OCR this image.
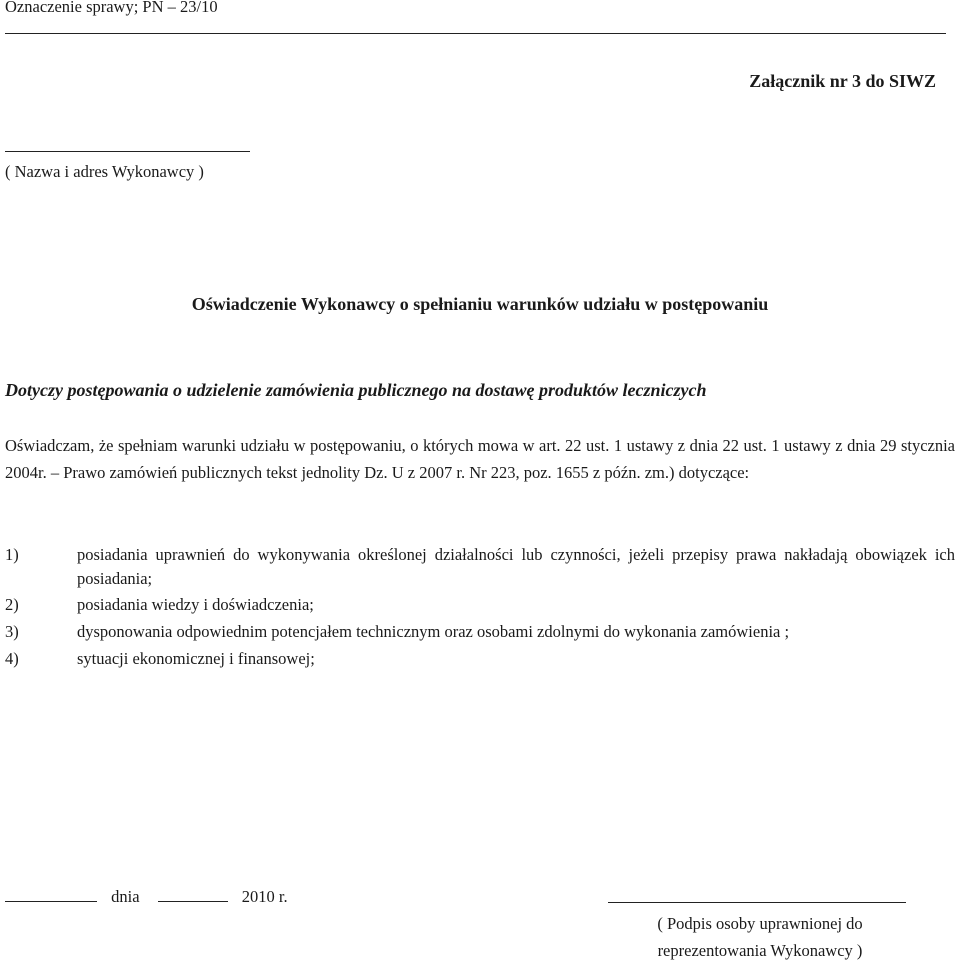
Oznaczenie sprawy; PN – 23/10
Załącznik nr 3 do SIWZ
( Nazwa i adres Wykonawcy )
Oświadczenie Wykonawcy o spełnianiu warunków udziału w postępowaniu
Dotyczy postępowania o udzielenie zamówienia publicznego na dostawę produktów leczniczych
Oświadczam, że spełniam warunki udziału w postępowaniu, o których mowa w art. 22 ust. 1 ustawy z dnia 22 ust. 1 ustawy z dnia 29 stycznia 2004r. – Prawo zamówień publicznych tekst jednolity Dz. U z 2007 r. Nr 223, poz. 1655 z późn. zm.) dotyczące:
1)	posiadania uprawnień do wykonywania określonej działalności lub czynności, jeżeli przepisy prawa nakładają obowiązek ich posiadania;
2)	posiadania wiedzy i doświadczenia;
3)	dysponowania odpowiednim potencjałem technicznym oraz osobami zdolnymi do wykonania zamówienia ;
4)	sytuacji ekonomicznej i finansowej;
dnia	2010 r.
( Podpis osoby uprawnionej do
reprezentowania Wykonawcy )
